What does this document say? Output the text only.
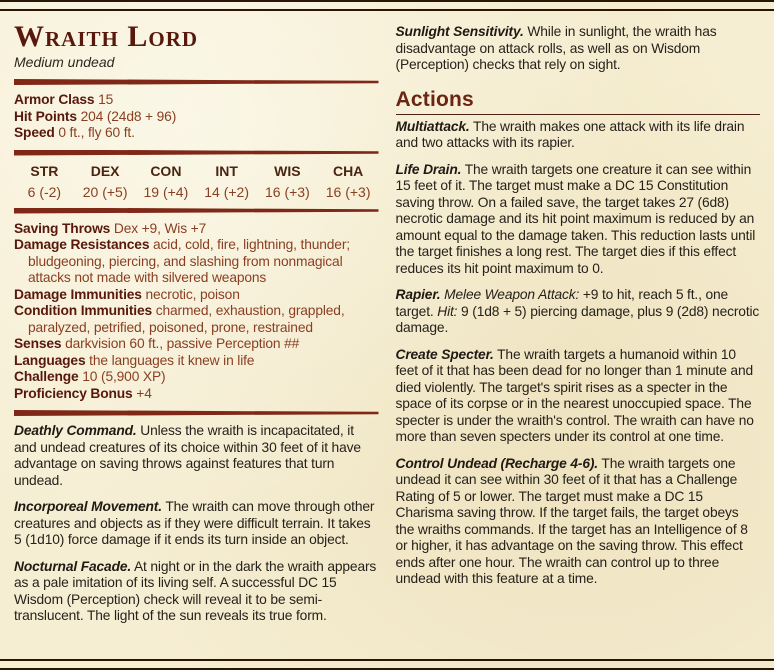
Wraith Lord
Medium undead
Armor Class 15
Hit Points 204 (24d8 + 96)
Speed 0 ft., fly 60 ft.
STR
6 (-2)
DEX
20 (+5)
CON
19 (+4)
INT
14 (+2)
WIS
16 (+3)
CHA
16 (+3)
Saving Throws Dex +9, Wis +7
Damage Resistances acid, cold, fire, lightning, thunder; bludgeoning, piercing, and slashing from nonmagical attacks not made with silvered weapons
Damage Immunities necrotic, poison
Condition Immunities charmed, exhaustion, grappled, paralyzed, petrified, poisoned, prone, restrained
Senses darkvision 60 ft., passive Perception ##
Languages the languages it knew in life
Challenge 10 (5,900 XP)
Proficiency Bonus +4

Deathly Command. Unless the wraith is incapacitated, it and undead creatures of its choice within 30 feet of it have advantage on saving throws against features that turn undead.

Incorporeal Movement. The wraith can move through other creatures and objects as if they were difficult terrain. It takes 5 (1d10) force damage if it ends its turn inside an object.

Nocturnal Facade. At night or in the dark the wraith appears as a pale imitation of its living self. A successful DC 15 Wisdom (Perception) check will reveal it to be semi-translucent. The light of the sun reveals its true form.

Sunlight Sensitivity. While in sunlight, the wraith has disadvantage on attack rolls, as well as on Wisdom (Perception) checks that rely on sight.

Actions

Multiattack. The wraith makes one attack with its life drain and two attacks with its rapier.

Life Drain. The wraith targets one creature it can see within 15 feet of it. The target must make a DC 15 Constitution saving throw. On a failed save, the target takes 27 (6d8) necrotic damage and its hit point maximum is reduced by an amount equal to the damage taken. This reduction lasts until the target finishes a long rest. The target dies if this effect reduces its hit point maximum to 0.

Rapier. Melee Weapon Attack: +9 to hit, reach 5 ft., one target. Hit: 9 (1d8 + 5) piercing damage, plus 9 (2d8) necrotic damage.

Create Specter. The wraith targets a humanoid within 10 feet of it that has been dead for no longer than 1 minute and died violently. The target's spirit rises as a specter in the space of its corpse or in the nearest unoccupied space. The specter is under the wraith's control. The wraith can have no more than seven specters under its control at one time.

Control Undead (Recharge 4-6). The wraith targets one undead it can see within 30 feet of it that has a Challenge Rating of 5 or lower. The target must make a DC 15 Charisma saving throw. If the target fails, the target obeys the wraiths commands. If the target has an Intelligence of 8 or higher, it has advantage on the saving throw. This effect ends after one hour. The wraith can control up to three undead with this feature at a time.
